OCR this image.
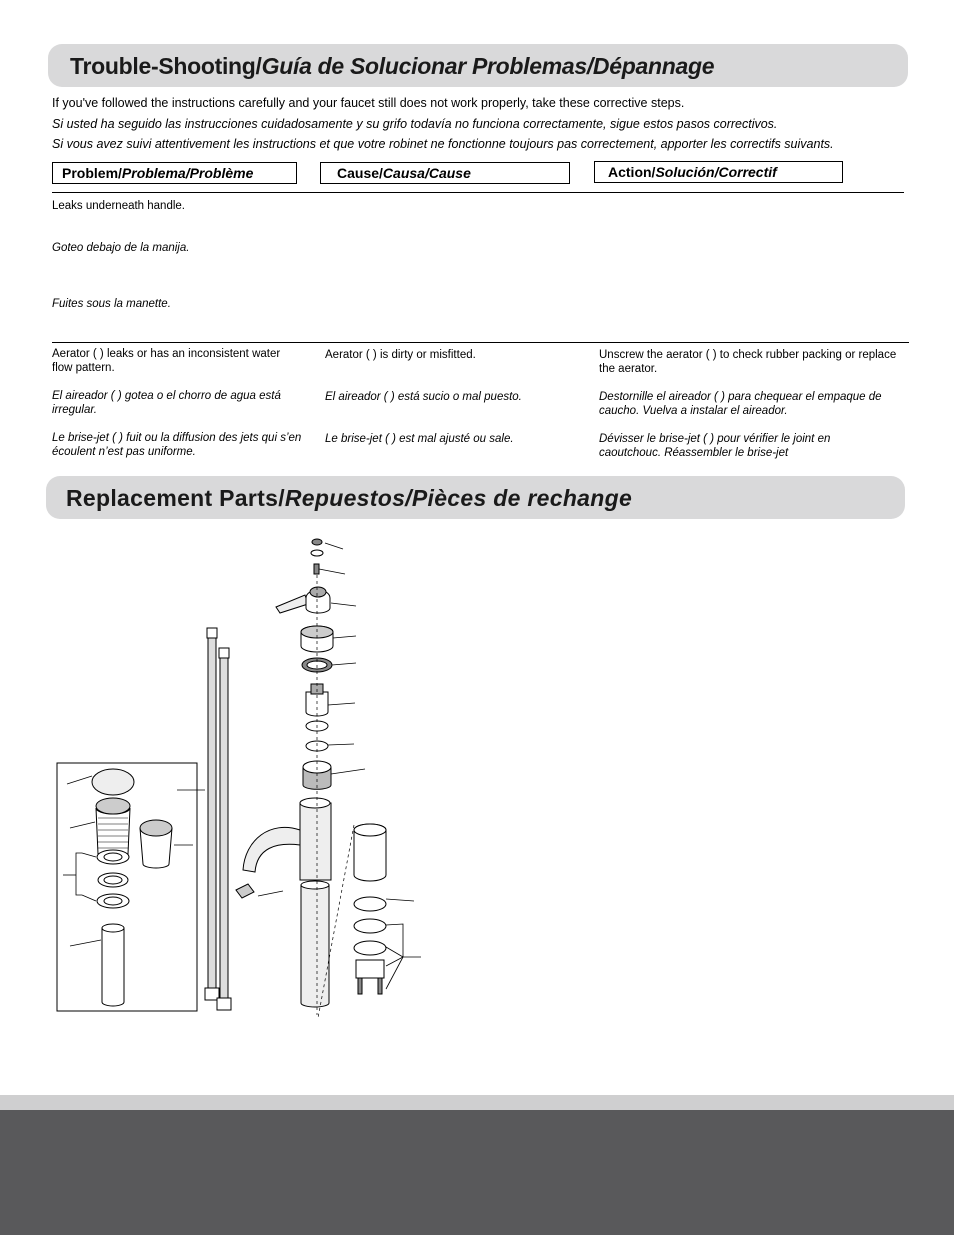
Trouble-Shooting/Guía de Solucionar Problemas/Dépannage
If you've followed the instructions carefully and your faucet still does not work properly, take these corrective steps.
Si usted ha seguido las instrucciones cuidadosamente y su grifo todavía no funciona correctamente, sigue estos pasos correctivos.
Si vous avez suivi attentivement les instructions et que votre robinet ne fonctionne toujours pas correctement, apporter les correctifs suivants.
Problem/Problema/Problème	Cause/Causa/Cause	Action/Solución/Correctif
Leaks underneath handle.
Goteo debajo de la manija.
Fuites sous la manette.
Aerator ( ) leaks or has an inconsistent water flow pattern.
El aireador ( ) gotea o el chorro de agua está irregular.
Le brise-jet ( ) fuit ou la diffusion des jets qui s’en écoulent n’est pas uniforme.
Aerator ( ) is dirty or misfitted.
El aireador ( ) está sucio o mal puesto.
Le brise-jet ( ) est mal ajusté ou sale.
Unscrew the aerator ( ) to check rubber packing or replace the aerator.
Destornille el aireador ( ) para chequear el empaque de caucho. Vuelva a instalar el aireador.
Dévisser le brise-jet ( ) pour vérifier le joint en caoutchouc. Réassembler le brise-jet
Replacement Parts/Repuestos/Pièces de rechange
